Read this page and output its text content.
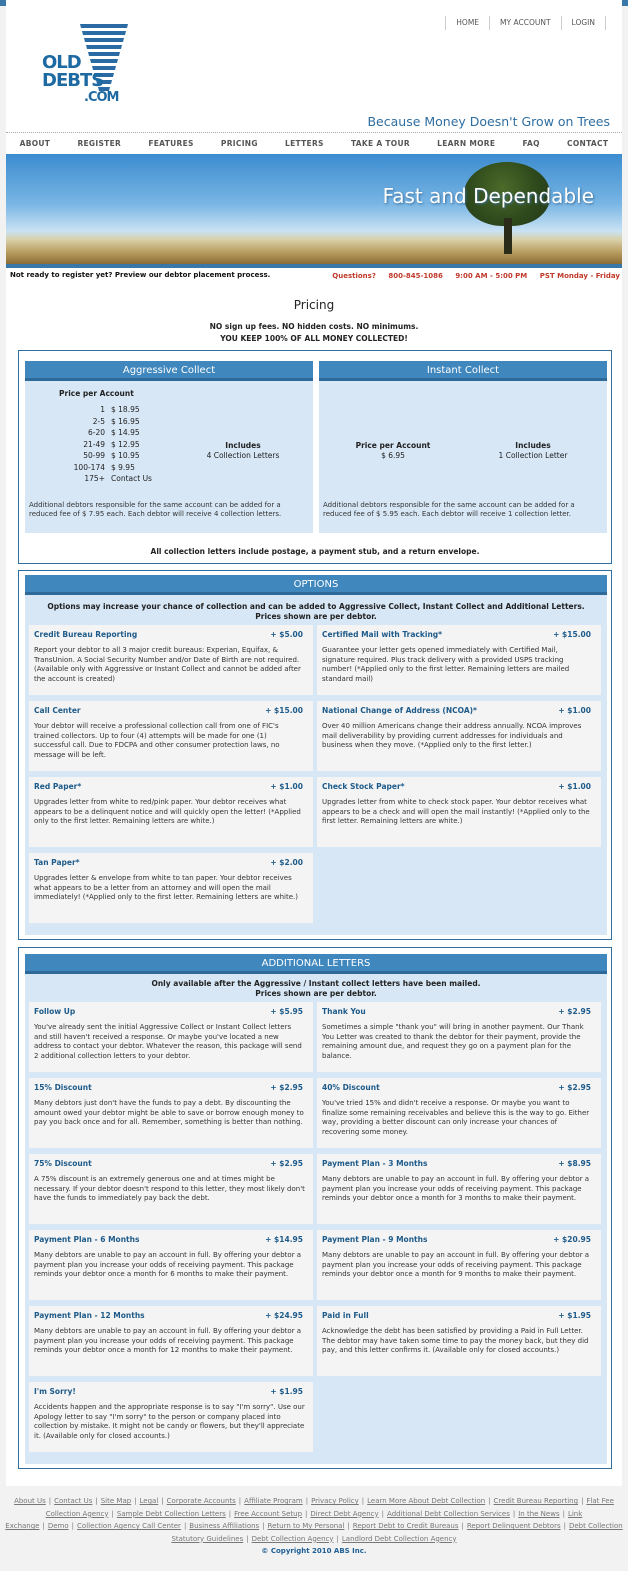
HOME	MY ACCOUNT	LOGIN
OLD
DEBTS
.COM
Because Money Doesn't Grow on Trees
ABOUT	REGISTER	FEATURES	PRICING	LETTERS	TAKE A TOUR	LEARN MORE	FAQ	CONTACT
Fast and Dependable
Not ready to register yet? Preview our debtor placement process.	Questions? 800-845-1086 9:00 AM - 5:00 PM PST Monday - Friday
Pricing
NO sign up fees. NO hidden costs. NO minimums.
YOU KEEP 100% OF ALL MONEY COLLECTED!
Aggressive Collect
Price per Account
1 $ 18.95
2-5 $ 16.95
6-20 $ 14.95
21-49 $ 12.95
50-99 $ 10.95
100-174 $ 9.95
175+ Contact Us
Includes
4 Collection Letters
Additional debtors responsible for the same account can be added for a reduced fee of $ 7.95 each. Each debtor will receive 4 collection letters.
Instant Collect
Price per Account
$ 6.95
Includes
1 Collection Letter
Additional debtors responsible for the same account can be added for a reduced fee of $ 5.95 each. Each debtor will receive 1 collection letter.
All collection letters include postage, a payment stub, and a return envelope.
OPTIONS
Options may increase your chance of collection and can be added to Aggressive Collect, Instant Collect and Additional Letters.
Prices shown are per debtor.
Credit Bureau Reporting	+ $5.00
Report your debtor to all 3 major credit bureaus: Experian, Equifax, & TransUnion. A Social Security Number and/or Date of Birth are not required. (Available only with Aggressive or Instant Collect and cannot be added after the account is created)
Certified Mail with Tracking*	+ $15.00
Guarantee your letter gets opened immediately with Certified Mail, signature required. Plus track delivery with a provided USPS tracking number! (*Applied only to the first letter. Remaining letters are mailed standard mail)
Call Center	+ $15.00
Your debtor will receive a professional collection call from one of FIC's trained collectors. Up to four (4) attempts will be made for one (1) successful call. Due to FDCPA and other consumer protection laws, no message will be left.
National Change of Address (NCOA)*	+ $1.00
Over 40 million Americans change their address annually. NCOA improves mail deliverability by providing current addresses for individuals and business when they move. (*Applied only to the first letter.)
Red Paper*	+ $1.00
Upgrades letter from white to red/pink paper. Your debtor receives what appears to be a delinquent notice and will quickly open the letter! (*Applied only to the first letter. Remaining letters are white.)
Check Stock Paper*	+ $1.00
Upgrades letter from white to check stock paper. Your debtor receives what appears to be a check and will open the mail instantly! (*Applied only to the first letter. Remaining letters are white.)
Tan Paper*	+ $2.00
Upgrades letter & envelope from white to tan paper. Your debtor receives what appears to be a letter from an attorney and will open the mail immediately! (*Applied only to the first letter. Remaining letters are white.)
ADDITIONAL LETTERS
Only available after the Aggressive / Instant collect letters have been mailed.
Prices shown are per debtor.
Follow Up	+ $5.95
You've already sent the initial Aggressive Collect or Instant Collect letters and still haven't received a response. Or maybe you've located a new address to contact your debtor. Whatever the reason, this package will send 2 additional collection letters to your debtor.
Thank You	+ $2.95
Sometimes a simple "thank you" will bring in another payment. Our Thank You Letter was created to thank the debtor for their payment, provide the remaining amount due, and request they go on a payment plan for the balance.
15% Discount	+ $2.95
Many debtors just don't have the funds to pay a debt. By discounting the amount owed your debtor might be able to save or borrow enough money to pay you back once and for all. Remember, something is better than nothing.
40% Discount	+ $2.95
You've tried 15% and didn't receive a response. Or maybe you want to finalize some remaining receivables and believe this is the way to go. Either way, providing a better discount can only increase your chances of recovering some money.
75% Discount	+ $2.95
A 75% discount is an extremely generous one and at times might be necessary. If your debtor doesn't respond to this letter, they most likely don't have the funds to immediately pay back the debt.
Payment Plan - 3 Months	+ $8.95
Many debtors are unable to pay an account in full. By offering your debtor a payment plan you increase your odds of receiving payment. This package reminds your debtor once a month for 3 months to make their payment.
Payment Plan - 6 Months	+ $14.95
Many debtors are unable to pay an account in full. By offering your debtor a payment plan you increase your odds of receiving payment. This package reminds your debtor once a month for 6 months to make their payment.
Payment Plan - 9 Months	+ $20.95
Many debtors are unable to pay an account in full. By offering your debtor a payment plan you increase your odds of receiving payment. This package reminds your debtor once a month for 9 months to make their payment.
Payment Plan - 12 Months	+ $24.95
Many debtors are unable to pay an account in full. By offering your debtor a payment plan you increase your odds of receiving payment. This package reminds your debtor once a month for 12 months to make their payment.
Paid in Full	+ $1.95
Acknowledge the debt has been satisfied by providing a Paid in Full Letter. The debtor may have taken some time to pay the money back, but they did pay, and this letter confirms it. (Available only for closed accounts.)
I'm Sorry!	+ $1.95
Accidents happen and the appropriate response is to say "I'm sorry". Use our Apology letter to say "I'm sorry" to the person or company placed into collection by mistake. It might not be candy or flowers, but they'll appreciate it. (Available only for closed accounts.)
About Us | Contact Us | Site Map | Legal | Corporate Accounts | Affiliate Program | Privacy Policy | Learn More About Debt Collection | Credit Bureau Reporting | Flat Fee Collection Agency | Sample Debt Collection Letters | Free Account Setup | Direct Debt Agency | Additional Debt Collection Services | In the News | Link Exchange | Demo | Collection Agency Call Center | Business Affiliations | Return to My Personal | Report Debt to Credit Bureaus | Report Delinquent Debtors | Debt Collection Statutory Guidelines | Debt Collection Agency | Landlord Debt Collection Agency
© Copyright 2010 ABS Inc.
